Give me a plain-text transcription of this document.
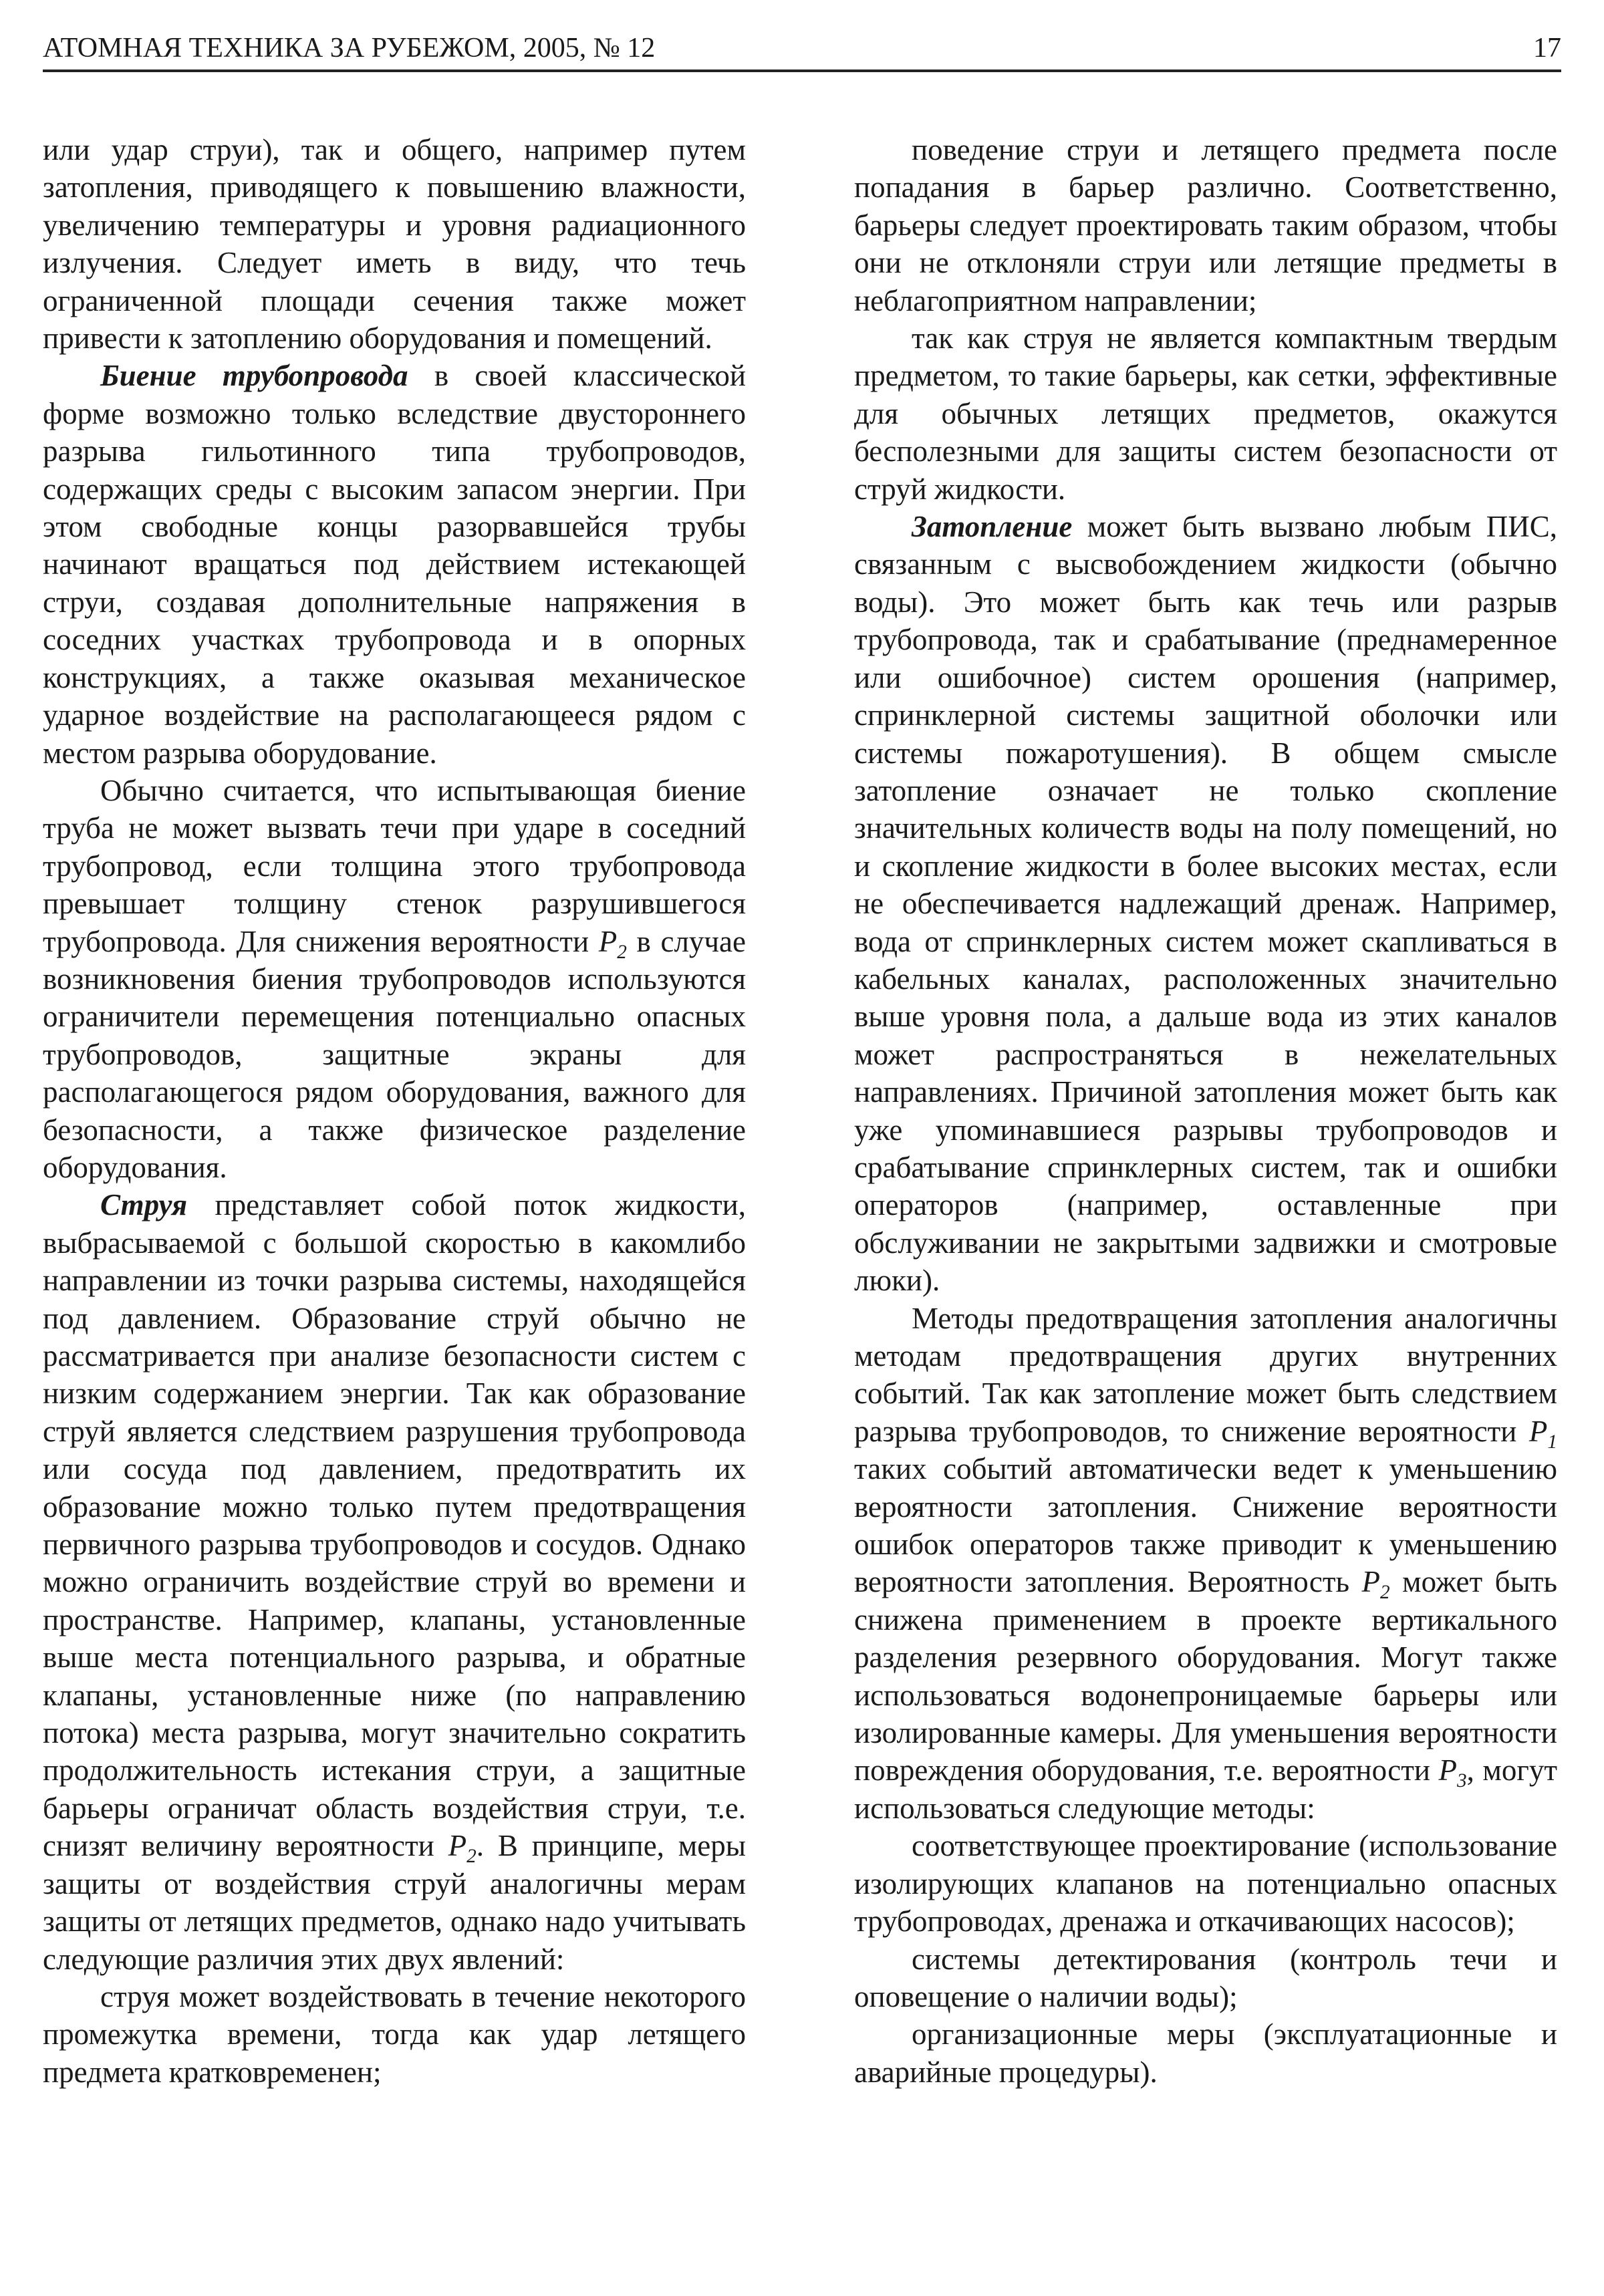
АТОМНАЯ ТЕХНИКА ЗА РУБЕЖОМ, 2005, № 12	17

или удар струи), так и общего, например путем затопления, приводящего к повышению влажности, увеличению температуры и уровня радиационного излучения. Следует иметь в виду, что течь ограниченной площади сечения также может привести к затоплению оборудования и помещений.

Биение трубопровода в своей классической форме возможно только вследствие двустороннего разрыва гильотинного типа трубопроводов, содержащих среды с высоким запасом энергии. При этом свободные концы разорвавшейся трубы начинают вращаться под действием истекающей струи, создавая дополнительные напряжения в соседних участках трубопровода и в опорных конструкциях, а также оказывая механическое ударное воздействие на располагающееся рядом с местом разрыва оборудование.

Обычно считается, что испытывающая биение труба не может вызвать течи при ударе в соседний трубопровод, если толщина этого трубопровода превышает толщину стенок разрушившегося трубопровода. Для снижения вероятности $P_2$ в случае возникновения биения трубопроводов используются ограничители перемещения потенциально опасных трубопроводов, защитные экраны для располагающегося рядом оборудования, важного для безопасности, а также физическое разделение оборудования.

Струя представляет собой поток жидкости, выбрасываемой с большой скоростью в какомлибо направлении из точки разрыва системы, находящейся под давлением. Образование струй обычно не рассматривается при анализе безопасности систем с низким содержанием энергии. Так как образование струй является следствием разрушения трубопровода или сосуда под давлением, предотвратить их образование можно только путем предотвращения первичного разрыва трубопроводов и сосудов. Однако можно ограничить воздействие струй во времени и пространстве. Например, клапаны, установленные выше места потенциального разрыва, и обратные клапаны, установленные ниже (по направлению потока) места разрыва, могут значительно сократить продолжительность истекания струи, а защитные барьеры ограничат область воздействия струи, т.е. снизят величину вероятности $P_2$. В принципе, меры защиты от воздействия струй аналогичны мерам защиты от летящих предметов, однако надо учитывать следующие различия этих двух явлений:

струя может воздействовать в течение некоторого промежутка времени, тогда как удар летящего предмета кратковременен;

поведение струи и летящего предмета после попадания в барьер различно. Соответственно, барьеры следует проектировать таким образом, чтобы они не отклоняли струи или летящие предметы в неблагоприятном направлении;

так как струя не является компактным твердым предметом, то такие барьеры, как сетки, эффективные для обычных летящих предметов, окажутся бесполезными для защиты систем безопасности от струй жидкости.

Затопление может быть вызвано любым ПИС, связанным с высвобождением жидкости (обычно воды). Это может быть как течь или разрыв трубопровода, так и срабатывание (преднамеренное или ошибочное) систем орошения (например, спринклерной системы защитной оболочки или системы пожаротушения). В общем смысле затопление означает не только скопление значительных количеств воды на полу помещений, но и скопление жидкости в более высоких местах, если не обеспечивается надлежащий дренаж. Например, вода от спринклерных систем может скапливаться в кабельных каналах, расположенных значительно выше уровня пола, а дальше вода из этих каналов может распространяться в нежелательных направлениях. Причиной затопления может быть как уже упоминавшиеся разрывы трубопроводов и срабатывание спринклерных систем, так и ошибки операторов (например, оставленные при обслуживании не закрытыми задвижки и смотровые люки).

Методы предотвращения затопления аналогичны методам предотвращения других внутренних событий. Так как затопление может быть следствием разрыва трубопроводов, то снижение вероятности $P_1$ таких событий автоматически ведет к уменьшению вероятности затопления. Снижение вероятности ошибок операторов также приводит к уменьшению вероятности затопления. Вероятность $P_2$ может быть снижена применением в проекте вертикального разделения резервного оборудования. Могут также использоваться водонепроницаемые барьеры или изолированные камеры. Для уменьшения вероятности повреждения оборудования, т.е. вероятности $P_3$, могут использоваться следующие методы:

соответствующее проектирование (использование изолирующих клапанов на потенциально опасных трубопроводах, дренажа и откачивающих насосов);

системы детектирования (контроль течи и оповещение о наличии воды);

организационные меры (эксплуатационные и аварийные процедуры).
